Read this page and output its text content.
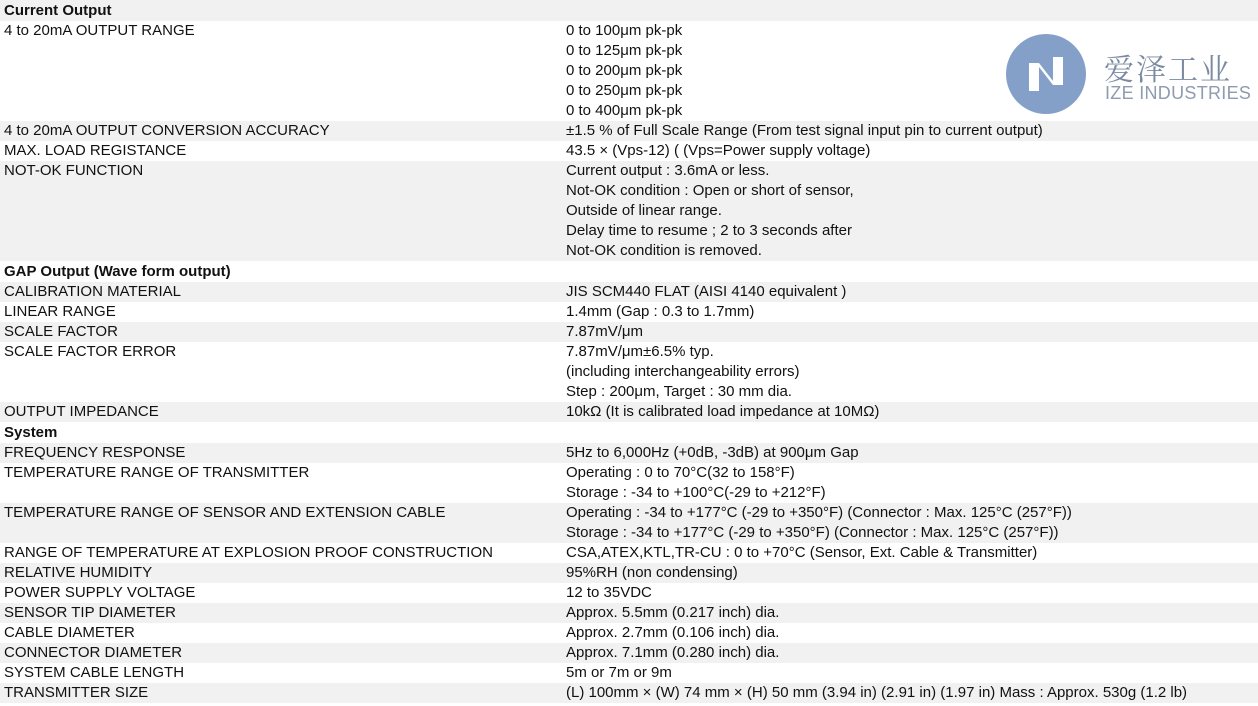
Current Output
4 to 20mA OUTPUT RANGE	0 to 100μm pk-pk
0 to 125μm pk-pk
0 to 200μm pk-pk
0 to 250μm pk-pk
0 to 400μm pk-pk
4 to 20mA OUTPUT CONVERSION ACCURACY	±1.5 % of Full Scale Range (From test signal input pin to current output)
MAX. LOAD REGISTANCE	43.5 × (Vps-12) ( (Vps=Power supply voltage)
NOT-OK FUNCTION	Current output : 3.6mA or less.
Not-OK condition : Open or short of sensor,
Outside of linear range.
Delay time to resume ; 2 to 3 seconds after
Not-OK condition is removed.
GAP Output (Wave form output)
CALIBRATION MATERIAL	JIS SCM440 FLAT (AISI 4140 equivalent )
LINEAR RANGE	1.4mm (Gap : 0.3 to 1.7mm)
SCALE FACTOR	7.87mV/μm
SCALE FACTOR ERROR	7.87mV/μm±6.5% typ.
(including interchangeability errors)
Step : 200μm, Target : 30 mm dia.
OUTPUT IMPEDANCE	10kΩ (It is calibrated load impedance at 10MΩ)
System
FREQUENCY RESPONSE	5Hz to 6,000Hz (+0dB, -3dB) at 900μm Gap
TEMPERATURE RANGE OF TRANSMITTER	Operating : 0 to 70°C(32 to 158°F)
Storage : -34 to +100°C(-29 to +212°F)
TEMPERATURE RANGE OF SENSOR AND EXTENSION CABLE	Operating : -34 to +177°C (-29 to +350°F) (Connector : Max. 125°C (257°F))
Storage : -34 to +177°C (-29 to +350°F) (Connector : Max. 125°C (257°F))
RANGE OF TEMPERATURE AT EXPLOSION PROOF CONSTRUCTION	CSA,ATEX,KTL,TR-CU : 0 to +70°C (Sensor, Ext. Cable & Transmitter)
RELATIVE HUMIDITY	95%RH (non condensing)
POWER SUPPLY VOLTAGE	12 to 35VDC
SENSOR TIP DIAMETER	Approx. 5.5mm (0.217 inch) dia.
CABLE DIAMETER	Approx. 2.7mm (0.106 inch) dia.
CONNECTOR DIAMETER	Approx. 7.1mm (0.280 inch) dia.
SYSTEM CABLE LENGTH	5m or 7m or 9m
TRANSMITTER SIZE	(L) 100mm × (W) 74 mm × (H) 50 mm (3.94 in) (2.91 in) (1.97 in) Mass : Approx. 530g (1.2 lb)
爱泽工业
IZE INDUSTRIES
